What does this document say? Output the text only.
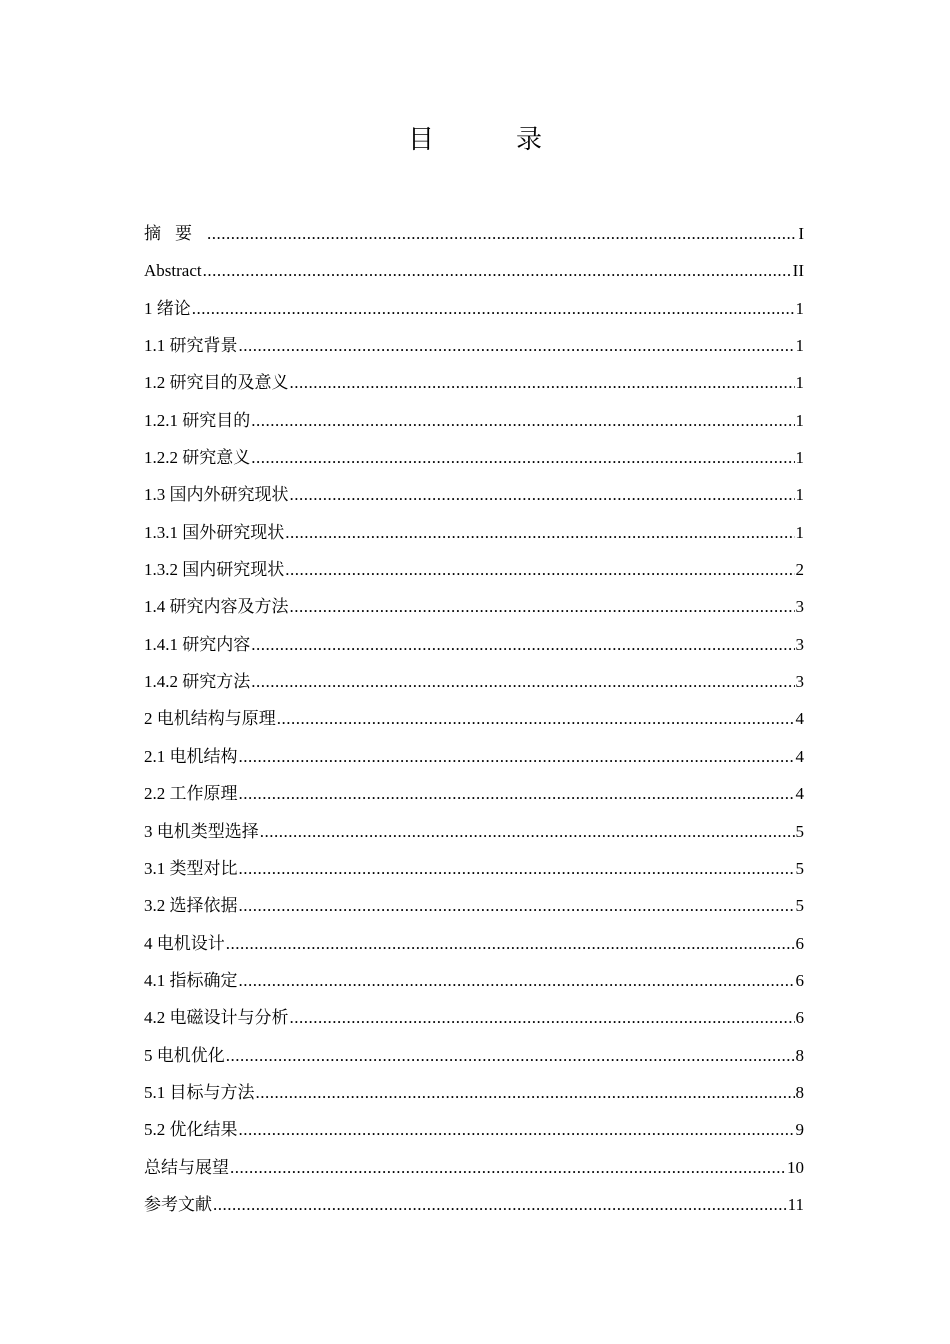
目　录
摘要 .....	I
Abstract .....	II
1 绪论 .....	1
1.1 研究背景 .....	1
1.2 研究目的及意义 .....	1
1.2.1 研究目的 .....	1
1.2.2 研究意义 .....	1
1.3 国内外研究现状 .....	1
1.3.1 国外研究现状 .....	1
1.3.2 国内研究现状 .....	2
1.4 研究内容及方法 .....	3
1.4.1 研究内容 .....	3
1.4.2 研究方法 .....	3
2 电机结构与原理 .....	4
2.1 电机结构 .....	4
2.2 工作原理 .....	4
3 电机类型选择 .....	5
3.1 类型对比 .....	5
3.2 选择依据 .....	5
4 电机设计 .....	6
4.1 指标确定 .....	6
4.2 电磁设计与分析 .....	6
5 电机优化 .....	8
5.1 目标与方法 .....	8
5.2 优化结果 .....	9
总结与展望 .....	10
参考文献 .....	11
